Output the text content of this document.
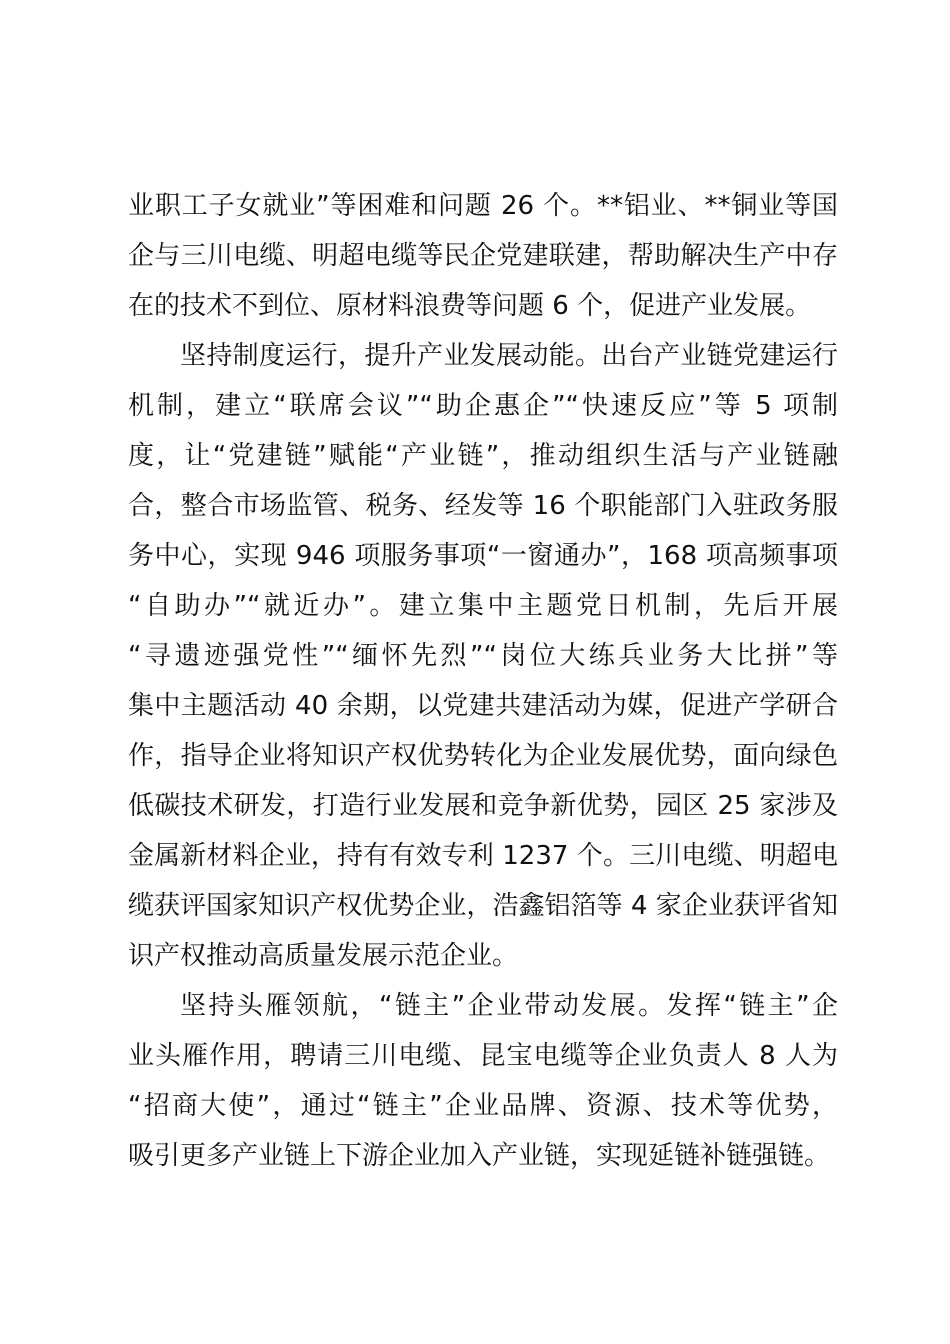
业职工子女就业”等困难和问题 26 个。**铝业、**铜业等国
企与三川电缆、明超电缆等民企党建联建，帮助解决生产中存
在的技术不到位、原材料浪费等问题 6 个，促进产业发展。
坚持制度运行，提升产业发展动能。出台产业链党建运行
机制，建立“联席会议”“助企惠企”“快速反应”等 5 项制
度，让“党建链”赋能“产业链”，推动组织生活与产业链融
合，整合市场监管、税务、经发等 16 个职能部门入驻政务服
务中心，实现 946 项服务事项“一窗通办”，168 项高频事项
“自助办”“就近办”。建立集中主题党日机制，先后开展
“寻遗迹强党性”“缅怀先烈”“岗位大练兵业务大比拼”等
集中主题活动 40 余期，以党建共建活动为媒，促进产学研合
作，指导企业将知识产权优势转化为企业发展优势，面向绿色
低碳技术研发，打造行业发展和竞争新优势，园区 25 家涉及
金属新材料企业，持有有效专利 1237 个。三川电缆、明超电
缆获评国家知识产权优势企业，浩鑫铝箔等 4 家企业获评省知
识产权推动高质量发展示范企业。
坚持头雁领航，“链主”企业带动发展。发挥“链主”企
业头雁作用，聘请三川电缆、昆宝电缆等企业负责人 8 人为
“招商大使”，通过“链主”企业品牌、资源、技术等优势，
吸引更多产业链上下游企业加入产业链，实现延链补链强链。
